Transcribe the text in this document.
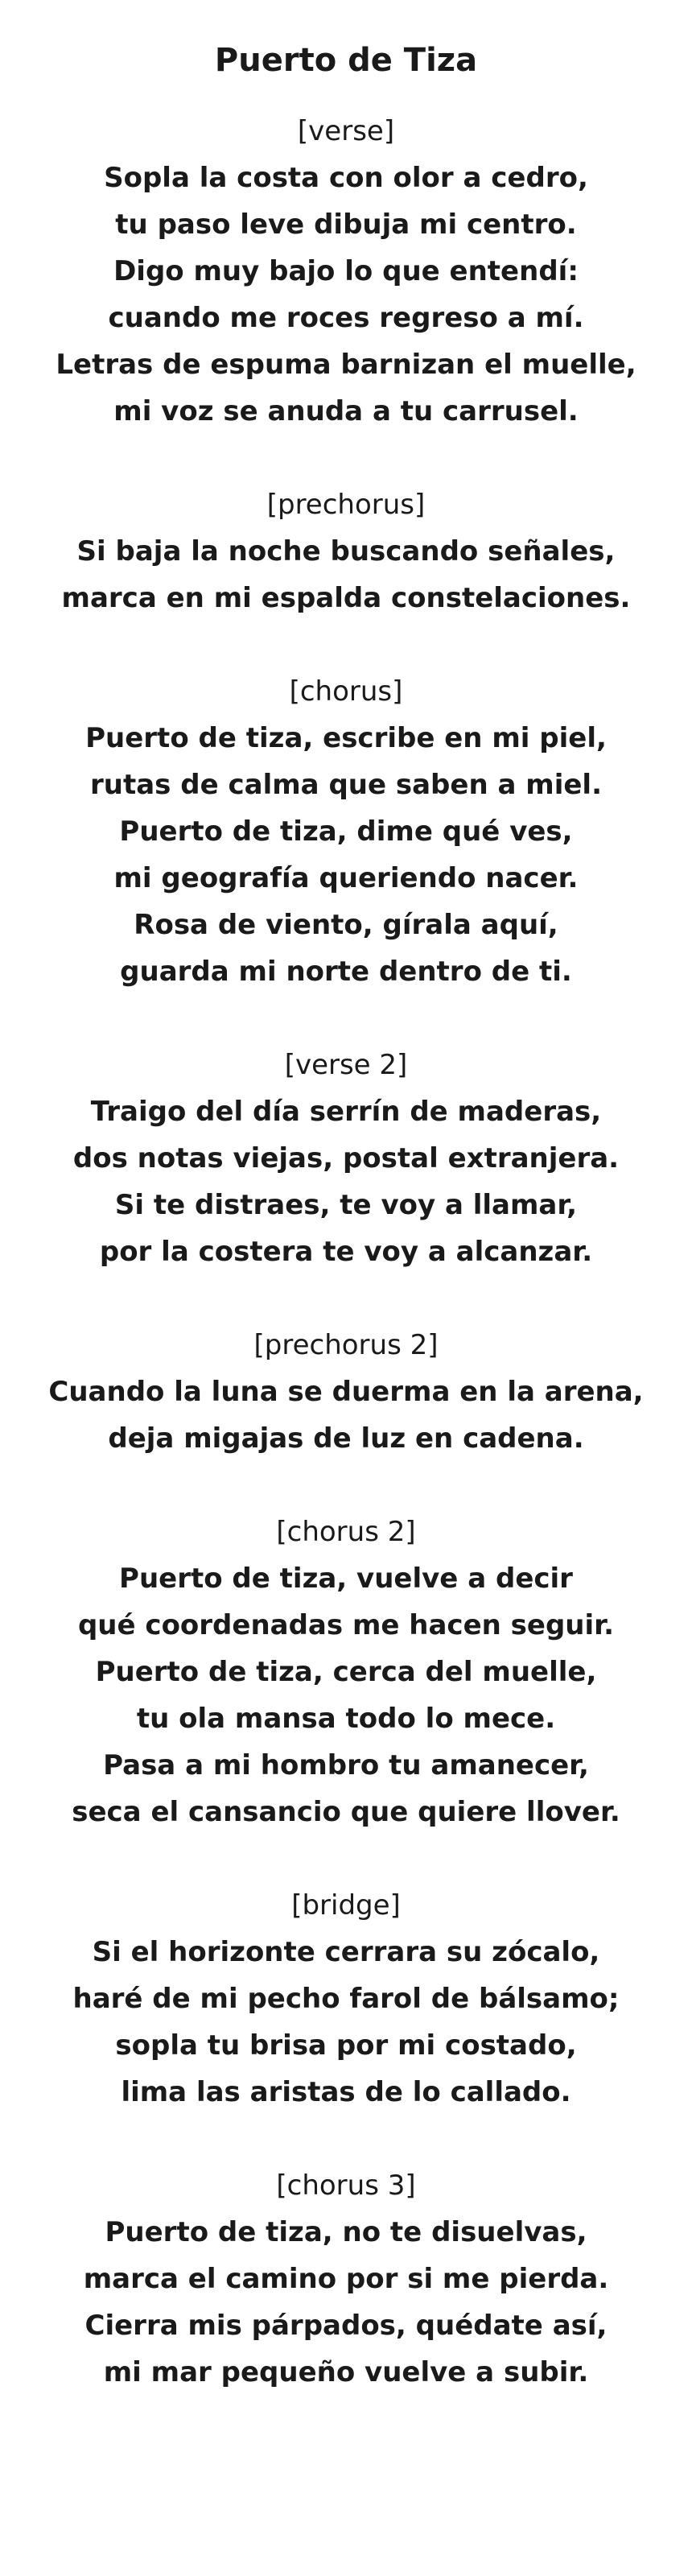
Puerto de Tiza

[verse]

Sopla la costa con olor a cedro,

tu paso leve dibuja mi centro.

Digo muy bajo lo que entendí:

cuando me roces regreso a mí.

Letras de espuma barnizan el muelle,

mi voz se anuda a tu carrusel.

[prechorus]

Si baja la noche buscando señales,

marca en mi espalda constelaciones.

[chorus]

Puerto de tiza, escribe en mi piel,

rutas de calma que saben a miel.

Puerto de tiza, dime qué ves,

mi geografía queriendo nacer.

Rosa de viento, gírala aquí,

guarda mi norte dentro de ti.

[verse 2]

Traigo del día serrín de maderas,

dos notas viejas, postal extranjera.

Si te distraes, te voy a llamar,

por la costera te voy a alcanzar.

[prechorus 2]

Cuando la luna se duerma en la arena,

deja migajas de luz en cadena.

[chorus 2]

Puerto de tiza, vuelve a decir

qué coordenadas me hacen seguir.

Puerto de tiza, cerca del muelle,

tu ola mansa todo lo mece.

Pasa a mi hombro tu amanecer,

seca el cansancio que quiere llover.

[bridge]

Si el horizonte cerrara su zócalo,

haré de mi pecho farol de bálsamo;

sopla tu brisa por mi costado,

lima las aristas de lo callado.

[chorus 3]

Puerto de tiza, no te disuelvas,

marca el camino por si me pierda.

Cierra mis párpados, quédate así,

mi mar pequeño vuelve a subir.
